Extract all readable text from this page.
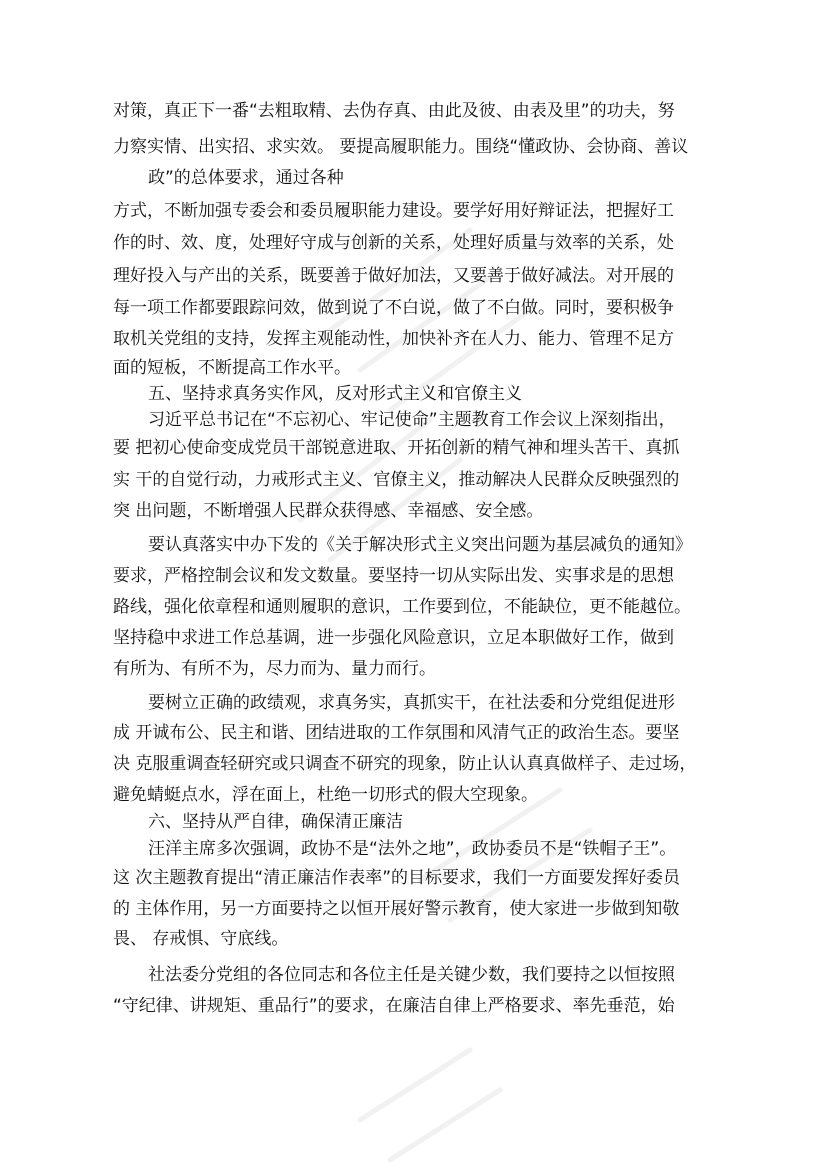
对策，真正下一番“去粗取精、去伪存真、由此及彼、由表及里”的功夫，努
力察实情、出实招、求实效。 要提高履职能力。围绕“懂政协、会协商、善议
政”的总体要求，通过各种
方式，不断加强专委会和委员履职能力建设。要学好用好辩证法，把握好工
作的时、效、度，处理好守成与创新的关系，处理好质量与效率的关系，处
理好投入与产出的关系，既要善于做好加法，又要善于做好减法。对开展的
每一项工作都要跟踪问效，做到说了不白说，做了不白做。同时，要积极争
取机关党组的支持，发挥主观能动性，加快补齐在人力、能力、管理不足方
面的短板，不断提高工作水平。
五、坚持求真务实作风，反对形式主义和官僚主义
习近平总书记在“不忘初心、牢记使命”主题教育工作会议上深刻指出，
要 把初心使命变成党员干部锐意进取、开拓创新的精气神和埋头苦干、真抓
实 干的自觉行动，力戒形式主义、官僚主义，推动解决人民群众反映强烈的
突 出问题，不断增强人民群众获得感、幸福感、安全感。
要认真落实中办下发的《关于解决形式主义突出问题为基层减负的通知》
要求，严格控制会议和发文数量。要坚持一切从实际出发、实事求是的思想
路线，强化依章程和通则履职的意识，工作要到位，不能缺位，更不能越位。
坚持稳中求进工作总基调，进一步强化风险意识，立足本职做好工作，做到
有所为、有所不为，尽力而为、量力而行。
要树立正确的政绩观，求真务实，真抓实干，在社法委和分党组促进形
成 开诚布公、民主和谐、团结进取的工作氛围和风清气正的政治生态。要坚
决 克服重调查轻研究或只调查不研究的现象，防止认认真真做样子、走过场，
避免蜻蜓点水，浮在面上，杜绝一切形式的假大空现象。
六、坚持从严自律，确保清正廉洁
汪洋主席多次强调，政协不是“法外之地”，政协委员不是“铁帽子王”。
这 次主题教育提出“清正廉洁作表率”的目标要求，我们一方面要发挥好委员
的 主体作用，另一方面要持之以恒开展好警示教育，使大家进一步做到知敬
畏、 存戒惧、守底线。
社法委分党组的各位同志和各位主任是关键少数，我们要持之以恒按照
“守纪律、讲规矩、重品行”的要求，在廉洁自律上严格要求、率先垂范，始
